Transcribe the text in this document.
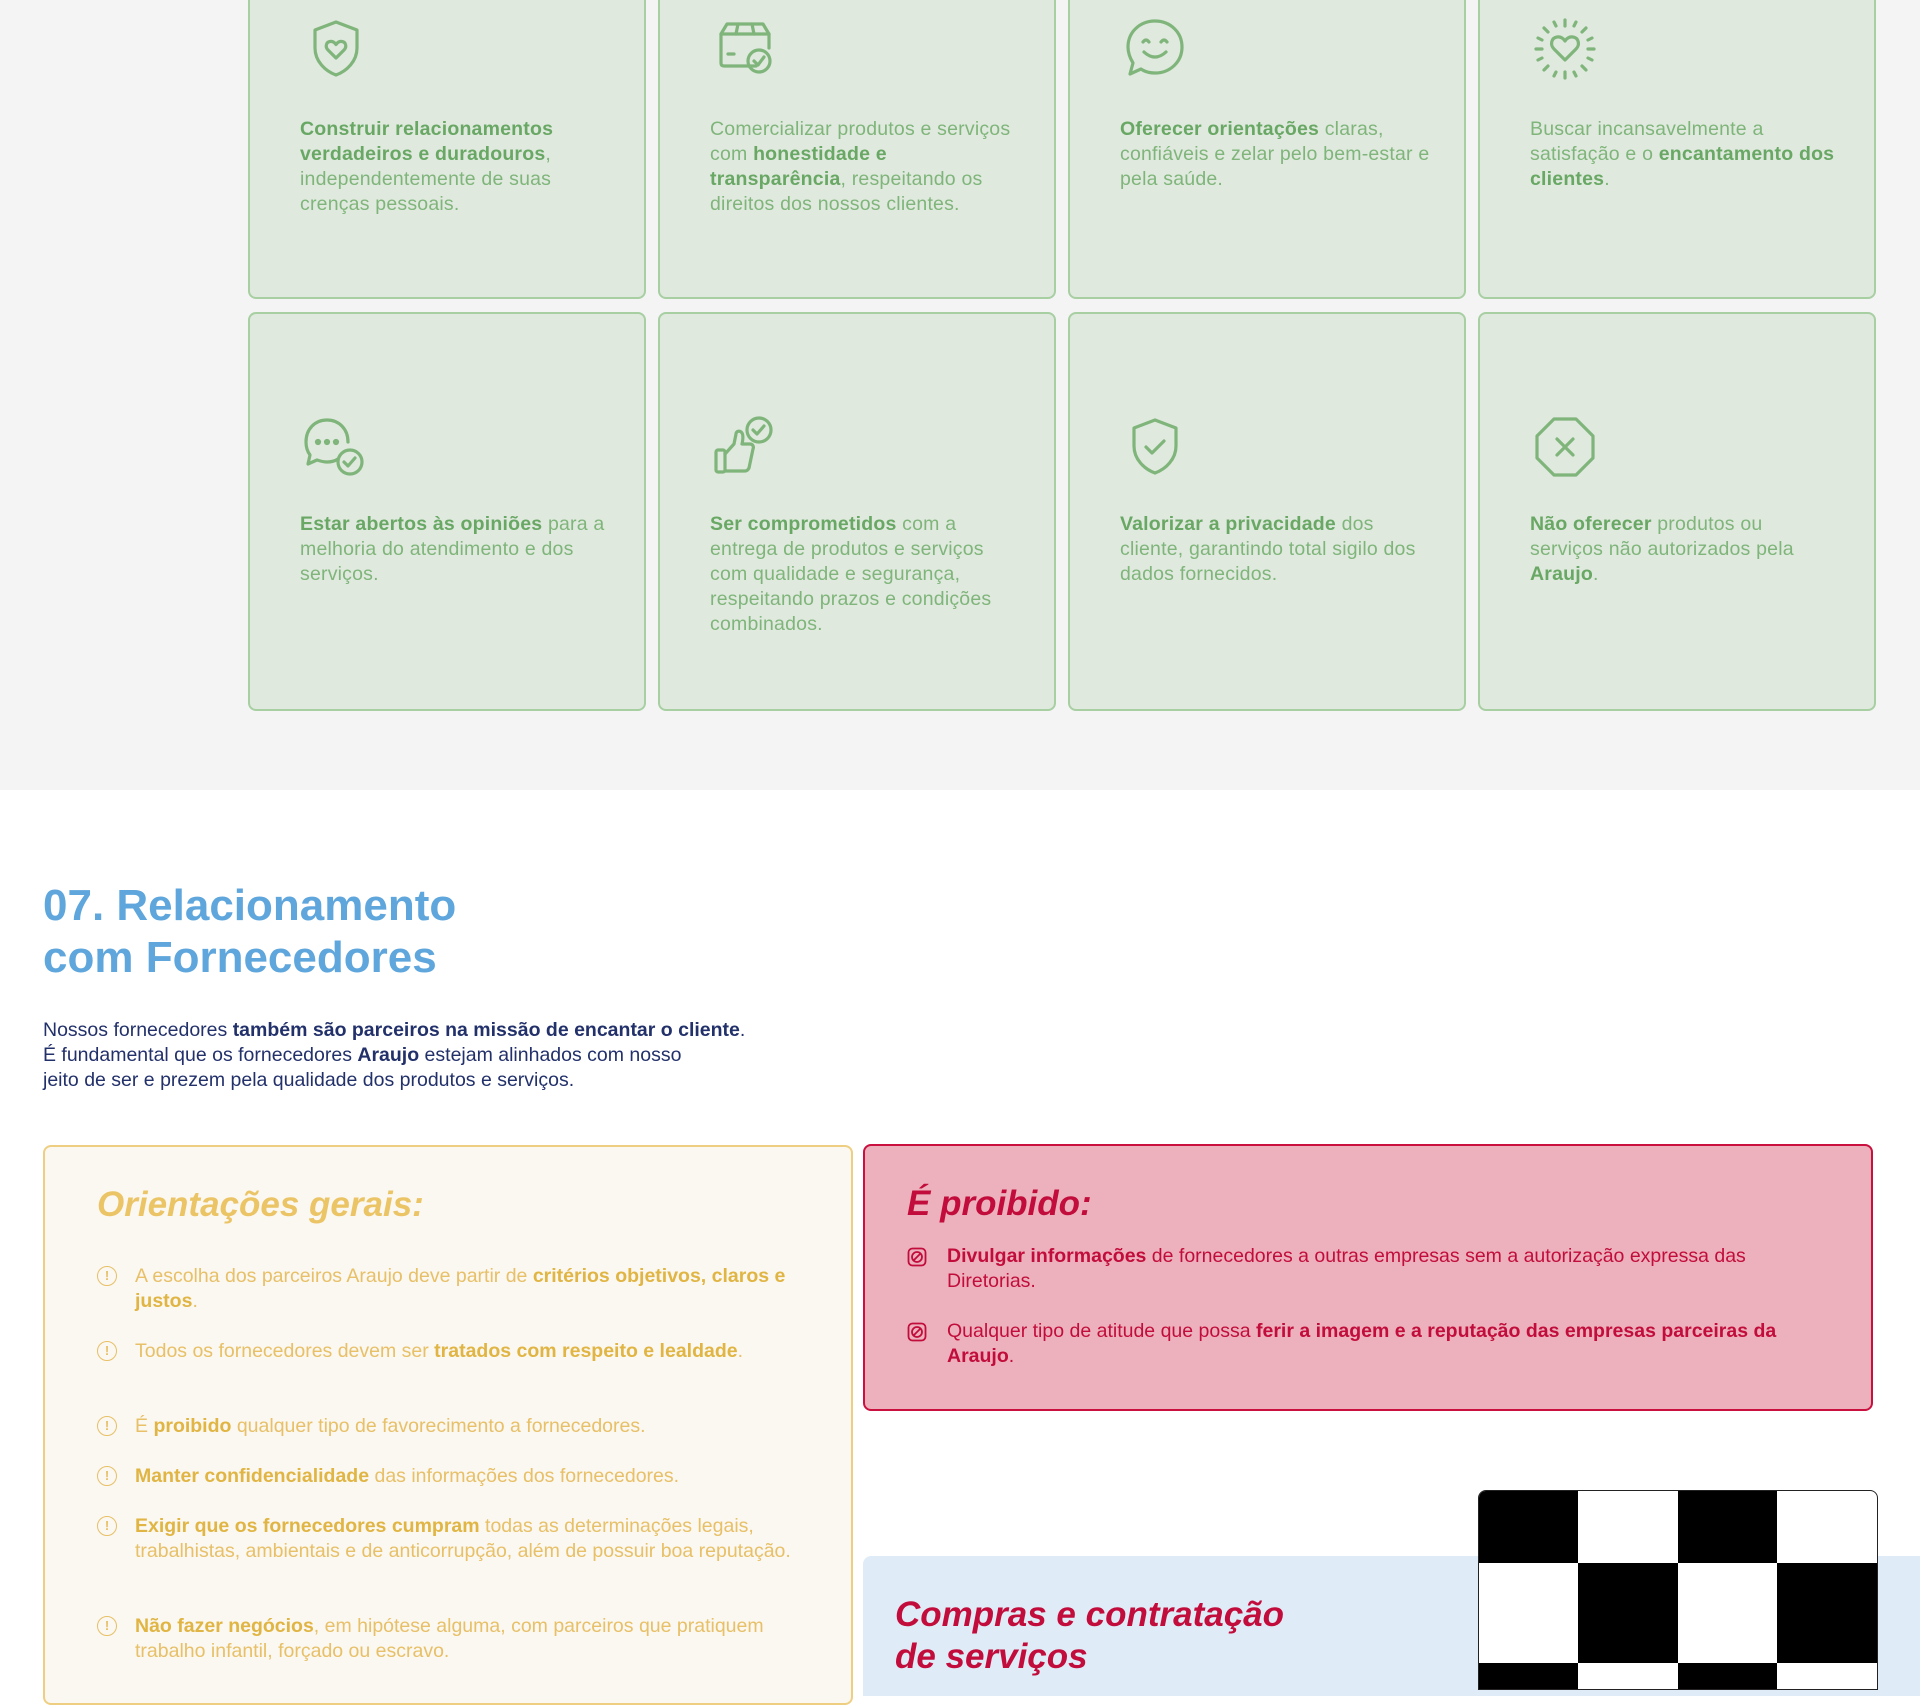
Construir relacionamentos verdadeiros e duradouros, independentemente de suas crenças pessoais.
Comercializar produtos e serviços com honestidade e transparência, respeitando os direitos dos nossos clientes.
Oferecer orientações claras, confiáveis e zelar pelo bem-estar e pela saúde.
Buscar incansavelmente a satisfação e o encantamento dos clientes.
Estar abertos às opiniões para a melhoria do atendimento e dos serviços.
Ser comprometidos com a entrega de produtos e serviços com qualidade e segurança, respeitando prazos e condições combinados.
Valorizar a privacidade dos cliente, garantindo total sigilo dos dados fornecidos.
Não oferecer produtos ou serviços não autorizados pela Araujo.
07. Relacionamento
com Fornecedores

Nossos fornecedores também são parceiros na missão de encantar o cliente.
É fundamental que os fornecedores Araujo estejam alinhados com nosso
jeito de ser e prezem pela qualidade dos produtos e serviços.

Orientações gerais:
!	A escolha dos parceiros Araujo deve partir de critérios objetivos, claros e justos.
!	Todos os fornecedores devem ser tratados com respeito e lealdade.
!	É proibido qualquer tipo de favorecimento a fornecedores.
!	Manter confidencialidade das informações dos fornecedores.
!	Exigir que os fornecedores cumpram todas as determinações legais, trabalhistas, ambientais e de anticorrupção, além de possuir boa reputação.
!	Não fazer negócios, em hipótese alguma, com parceiros que pratiquem trabalho infantil, forçado ou escravo.
É proibido:
Divulgar informações de fornecedores a outras empresas sem a autorização expressa das Diretorias.
Qualquer tipo de atitude que possa ferir a imagem e a reputação das empresas parceiras da Araujo.
Compras e contratação
de serviços
